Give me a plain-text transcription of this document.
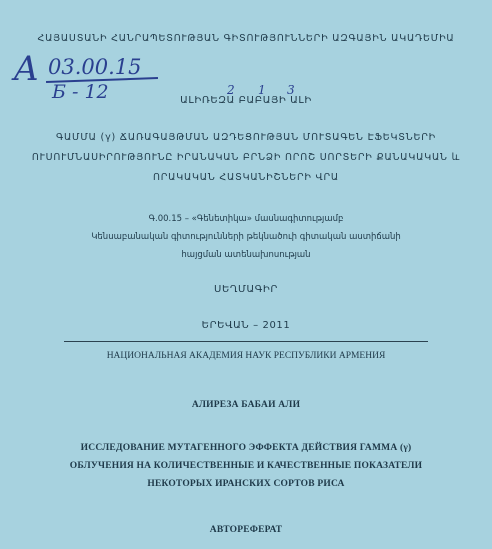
ՀԱՅԱՍՏԱՆԻ ՀԱՆՐԱՊԵՏՈՒԹՅԱՆ ԳԻՏՈՒԹՅՈՒՆՆԵՐԻ ԱԶԳԱՅԻՆ ԱԿԱԴԵՄԻԱ
A 03.00.15
Б - 12	2 1 3
ԱԼԻՌԵԶԱ ԲԱԲԱՅԻ ԱԼԻ
ԳԱՄՄԱ (γ) ՃԱՌԱԳԱՅԹՄԱՆ ԱԶԴԵՑՈՒԹՅԱՆ ՄՈՒՏԱԳԵՆ ԷՖԵԿՏՆԵՐԻ
ՈՒՍՈՒՄՆԱՍԻՐՈՒԹՅՈՒՆԸ ԻՐԱՆԱԿԱՆ ԲՐՆՁԻ ՈՐՈՇ ՍՈՐՏԵՐԻ ՔԱՆԱԿԱԿԱՆ և
ՈՐԱԿԱԿԱՆ ՀԱՏԿԱՆԻՇՆԵՐԻ ՎՐԱ
Գ.00.15 – «Գենետիկա» մասնագիտությամբ
Կենսաբանական գիտությունների թեկնածուի գիտական աստիճանի
հայցման ատենախոսության
ՍԵՂՄԱԳԻՐ
ԵՐԵՎԱՆ – 2011
НАЦИОНАЛЬНАЯ АКАДЕМИЯ НАУК РЕСПУБЛИКИ АРМЕНИЯ
АЛИРЕЗА БАБАИ АЛИ
ИССЛЕДОВАНИЕ МУТАГЕННОГО ЭФФЕКТА ДЕЙСТВИЯ ГАММА (γ)
ОБЛУЧЕНИЯ НА КОЛИЧЕСТВЕННЫЕ И КАЧЕСТВЕННЫЕ ПОКАЗАТЕЛИ
НЕКОТОРЫХ ИРАНСКИХ СОРТОВ РИСА
АВТОРЕФЕРАТ
